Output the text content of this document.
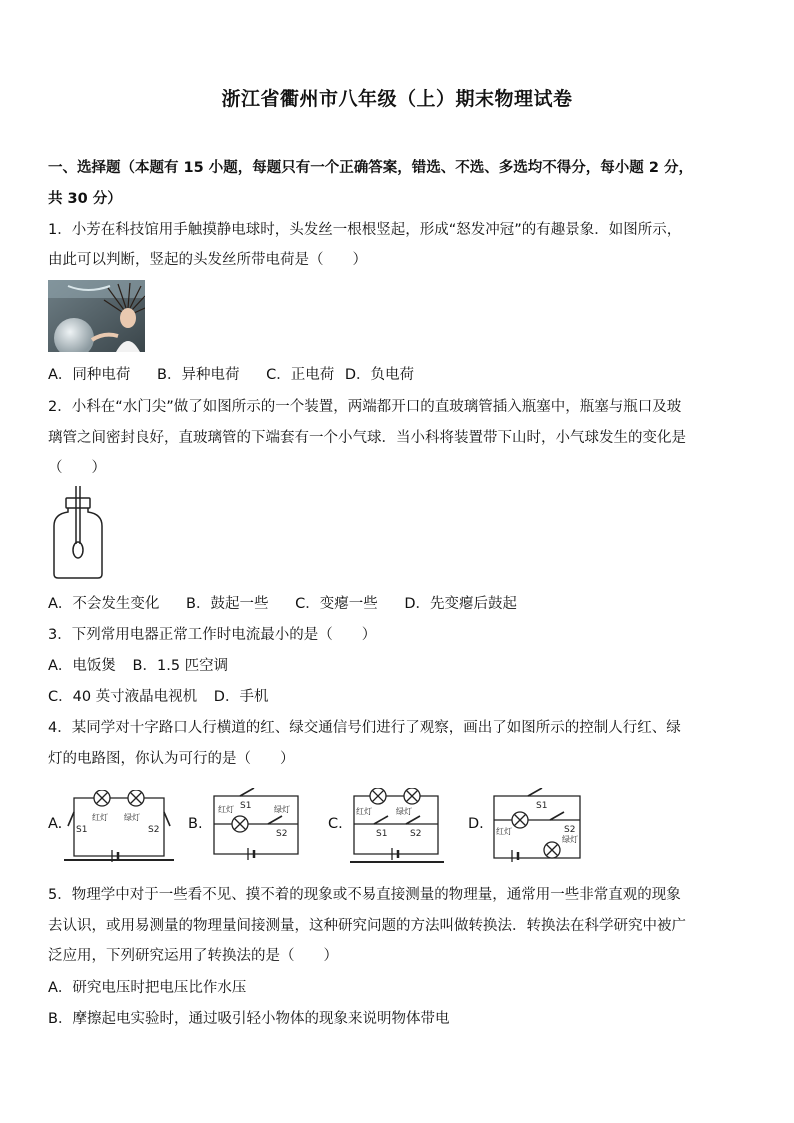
浙江省衢州市八年级（上）期末物理试卷
一、选择题（本题有 15 小题，每题只有一个正确答案，错选、不选、多选均不得分，每小题 2 分，
共 30 分）
1．小芳在科技馆用手触摸静电球时，头发丝一根根竖起，形成“怒发冲冠”的有趣景象．如图所示，
由此可以判断，竖起的头发丝所带电荷是（　　）
A．同种电荷 B．异种电荷 C．正电荷 D．负电荷
2．小科在“水门尖”做了如图所示的一个装置，两端都开口的直玻璃管插入瓶塞中，瓶塞与瓶口及玻
璃管之间密封良好，直玻璃管的下端套有一个小气球．当小科将装置带下山时，小气球发生的变化是
（　　）
A．不会发生变化 B．鼓起一些 C．变瘪一些 D．先变瘪后鼓起
3．下列常用电器正常工作时电流最小的是（　　）
A．电饭煲 B．1.5 匹空调
C．40 英寸液晶电视机 D．手机
4．某同学对十字路口人行横道的红、绿交通信号们进行了观察，画出了如图所示的控制人行红、绿
灯的电路图，你认为可行的是（　　）
A. S1	S2
红灯 绿灯	B.
红灯	绿灯
S1
S2
C.
红灯	绿灯
S1	S2
D.
S1
S2
红灯
绿灯
5．物理学中对于一些看不见、摸不着的现象或不易直接测量的物理量，通常用一些非常直观的现象
去认识，或用易测量的物理量间接测量，这种研究问题的方法叫做转换法．转换法在科学研究中被广
泛应用，下列研究运用了转换法的是（　　）
A．研究电压时把电压比作水压
B．摩擦起电实验时，通过吸引轻小物体的现象来说明物体带电
